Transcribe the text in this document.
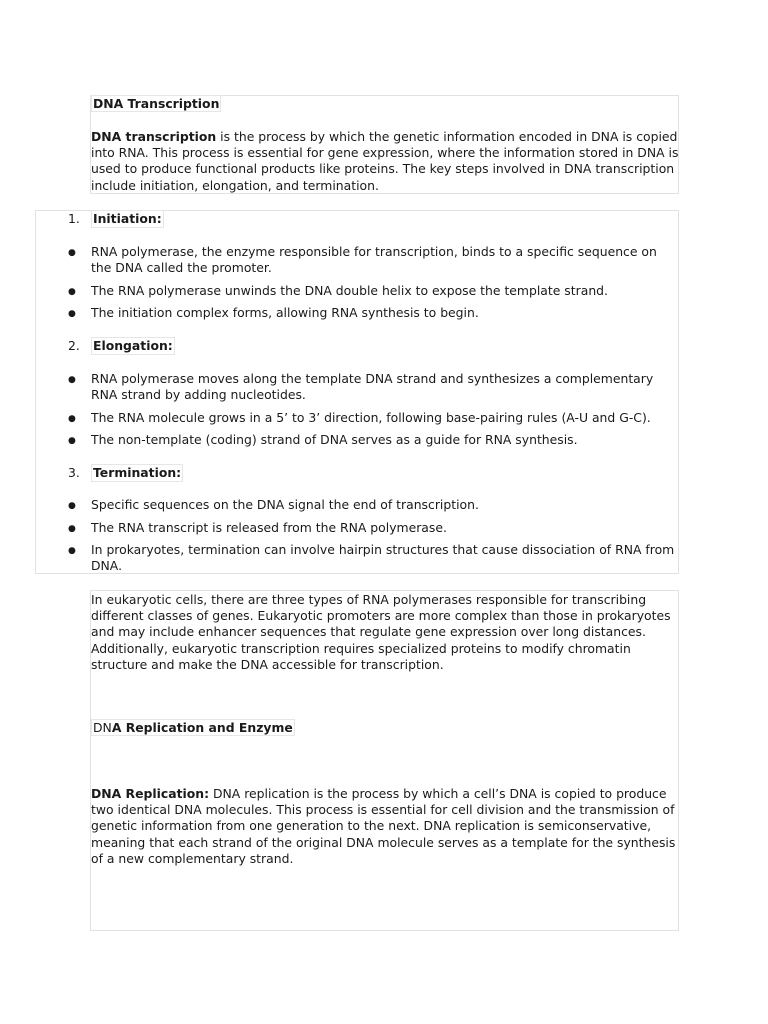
DNA Transcription

DNA transcription is the process by which the genetic information encoded in DNA is copied into RNA. This process is essential for gene expression, where the information stored in DNA is used to produce functional products like proteins. The key steps involved in DNA transcription include initiation, elongation, and termination.

1. Initiation:
● RNA polymerase, the enzyme responsible for transcription, binds to a specific sequence on the DNA called the promoter.

● The RNA polymerase unwinds the DNA double helix to expose the template strand.

● The initiation complex forms, allowing RNA synthesis to begin.

2. Elongation:
● RNA polymerase moves along the template DNA strand and synthesizes a complementary RNA strand by adding nucleotides.

● The RNA molecule grows in a 5’ to 3’ direction, following base-pairing rules (A-U and G-C).

● The non-template (coding) strand of DNA serves as a guide for RNA synthesis.

3. Termination:
● Specific sequences on the DNA signal the end of transcription.

● The RNA transcript is released from the RNA polymerase.

● In prokaryotes, termination can involve hairpin structures that cause dissociation of RNA from DNA.

In eukaryotic cells, there are three types of RNA polymerases responsible for transcribing different classes of genes. Eukaryotic promoters are more complex than those in prokaryotes and may include enhancer sequences that regulate gene expression over long distances. Additionally, eukaryotic transcription requires specialized proteins to modify chromatin structure and make the DNA accessible for transcription.

DNA Replication and Enzyme

DNA Replication: DNA replication is the process by which a cell’s DNA is copied to produce two identical DNA molecules. This process is essential for cell division and the transmission of genetic information from one generation to the next. DNA replication is semiconservative, meaning that each strand of the original DNA molecule serves as a template for the synthesis of a new complementary strand.
